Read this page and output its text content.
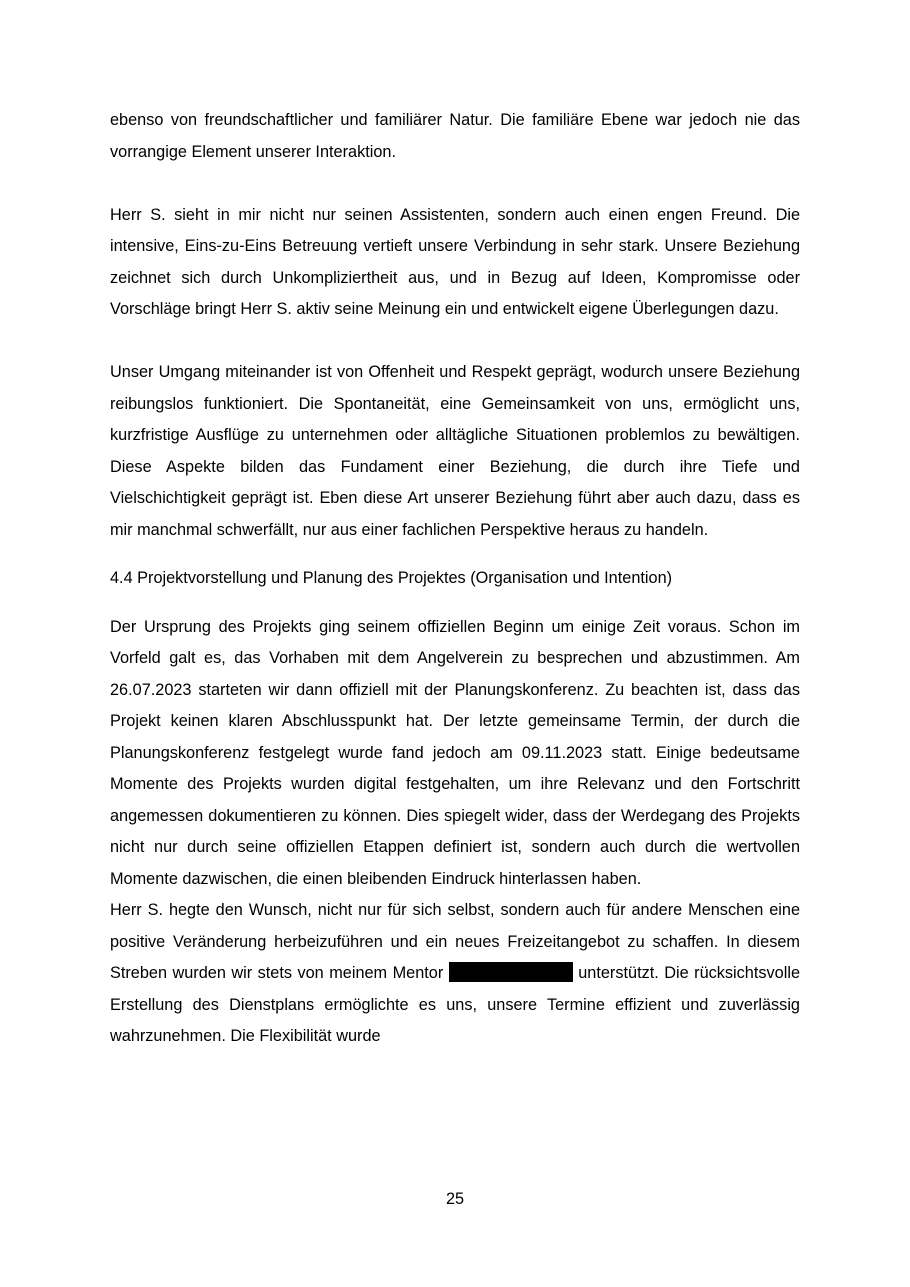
ebenso von freundschaftlicher und familiärer Natur. Die familiäre Ebene war jedoch nie das vorrangige Element unserer Interaktion.

Herr S. sieht in mir nicht nur seinen Assistenten, sondern auch einen engen Freund. Die intensive, Eins-zu-Eins Betreuung vertieft unsere Verbindung in sehr stark. Unsere Beziehung zeichnet sich durch Unkompliziertheit aus, und in Bezug auf Ideen, Kompromisse oder Vorschläge bringt Herr S. aktiv seine Meinung ein und entwickelt eigene Überlegungen dazu.

Unser Umgang miteinander ist von Offenheit und Respekt geprägt, wodurch unsere Beziehung reibungslos funktioniert. Die Spontaneität, eine Gemeinsamkeit von uns, ermöglicht uns, kurzfristige Ausflüge zu unternehmen oder alltägliche Situationen problemlos zu bewältigen. Diese Aspekte bilden das Fundament einer Beziehung, die durch ihre Tiefe und Vielschichtigkeit geprägt ist. Eben diese Art unserer Beziehung führt aber auch dazu, dass es mir manchmal schwerfällt, nur aus einer fachlichen Perspektive heraus zu handeln.

4.4 Projektvorstellung und Planung des Projektes (Organisation und Intention)

Der Ursprung des Projekts ging seinem offiziellen Beginn um einige Zeit voraus. Schon im Vorfeld galt es, das Vorhaben mit dem Angelverein zu besprechen und abzustimmen. Am 26.07.2023 starteten wir dann offiziell mit der Planungskonferenz. Zu beachten ist, dass das Projekt keinen klaren Abschlusspunkt hat. Der letzte gemeinsame Termin, der durch die Planungskonferenz festgelegt wurde fand jedoch am 09.11.2023 statt. Einige bedeutsame Momente des Projekts wurden digital festgehalten, um ihre Relevanz und den Fortschritt angemessen dokumentieren zu können. Dies spiegelt wider, dass der Werdegang des Projekts nicht nur durch seine offiziellen Etappen definiert ist, sondern auch durch die wertvollen Momente dazwischen, die einen bleibenden Eindruck hinterlassen haben.

Herr S. hegte den Wunsch, nicht nur für sich selbst, sondern auch für andere Menschen eine positive Veränderung herbeizuführen und ein neues Freizeitangebot zu schaffen. In diesem Streben wurden wir stets von meinem Mentor	unterstützt. Die rücksichtsvolle Erstellung des Dienstplans ermöglichte es uns, unsere Termine effizient und zuverlässig wahrzunehmen. Die Flexibilität wurde

25
